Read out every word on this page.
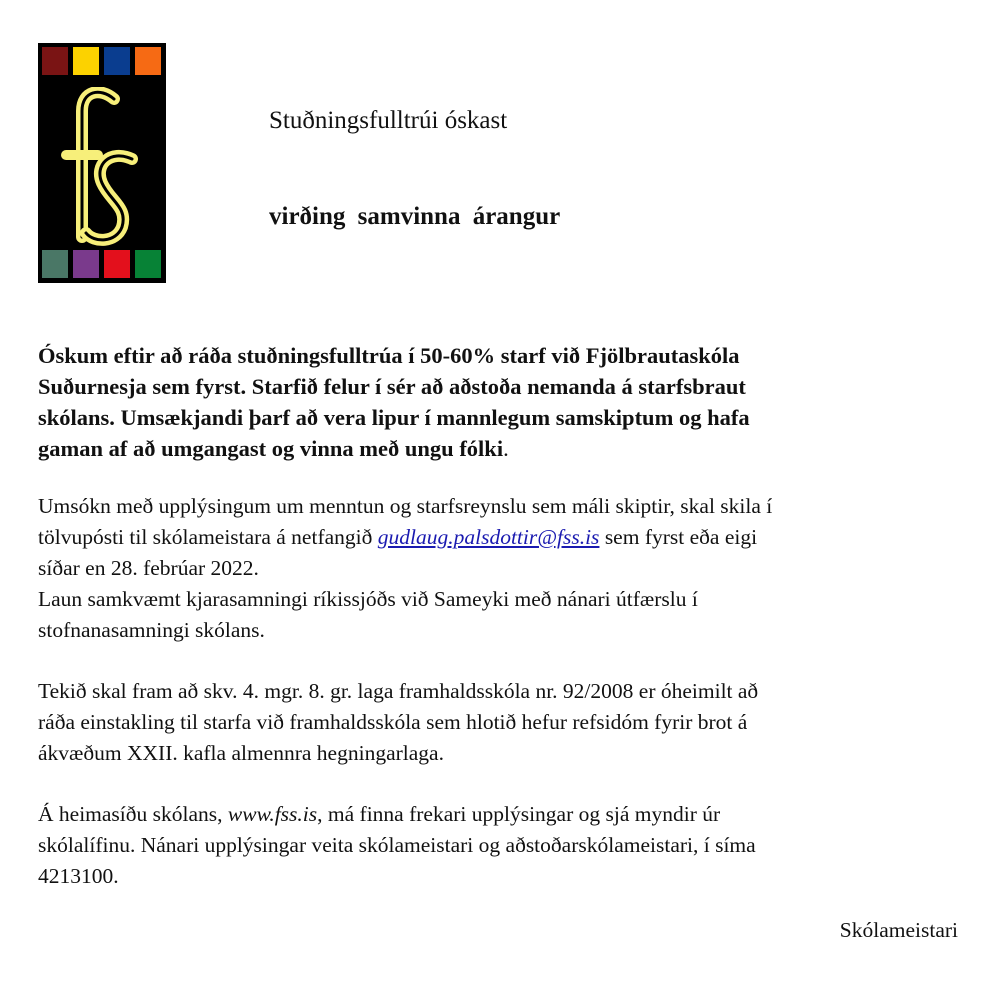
Stuðningsfulltrúi óskast
virðing samvinna árangur
Óskum eftir að ráða stuðningsfulltrúa í 50-60% starf við Fjölbrautaskóla
Suðurnesja sem fyrst. Starfið felur í sér að aðstoða nemanda á starfsbraut
skólans. Umsækjandi þarf að vera lipur í mannlegum samskiptum og hafa
gaman af að umgangast og vinna með ungu fólki.
Umsókn með upplýsingum um menntun og starfsreynslu sem máli skiptir, skal skila í
tölvupósti til skólameistara á netfangið gudlaug.palsdottir@fss.is sem fyrst eða eigi
síðar en 28. febrúar 2022.
Laun samkvæmt kjarasamningi ríkissjóðs við Sameyki með nánari útfærslu í
stofnanasamningi skólans.
Tekið skal fram að skv. 4. mgr. 8. gr. laga framhaldsskóla nr. 92/2008 er óheimilt að
ráða einstakling til starfa við framhaldsskóla sem hlotið hefur refsidóm fyrir brot á
ákvæðum XXII. kafla almennra hegningarlaga.
Á heimasíðu skólans, www.fss.is, má finna frekari upplýsingar og sjá myndir úr
skólalífinu. Nánari upplýsingar veita skólameistari og aðstoðarskólameistari, í síma
4213100.
Skólameistari
